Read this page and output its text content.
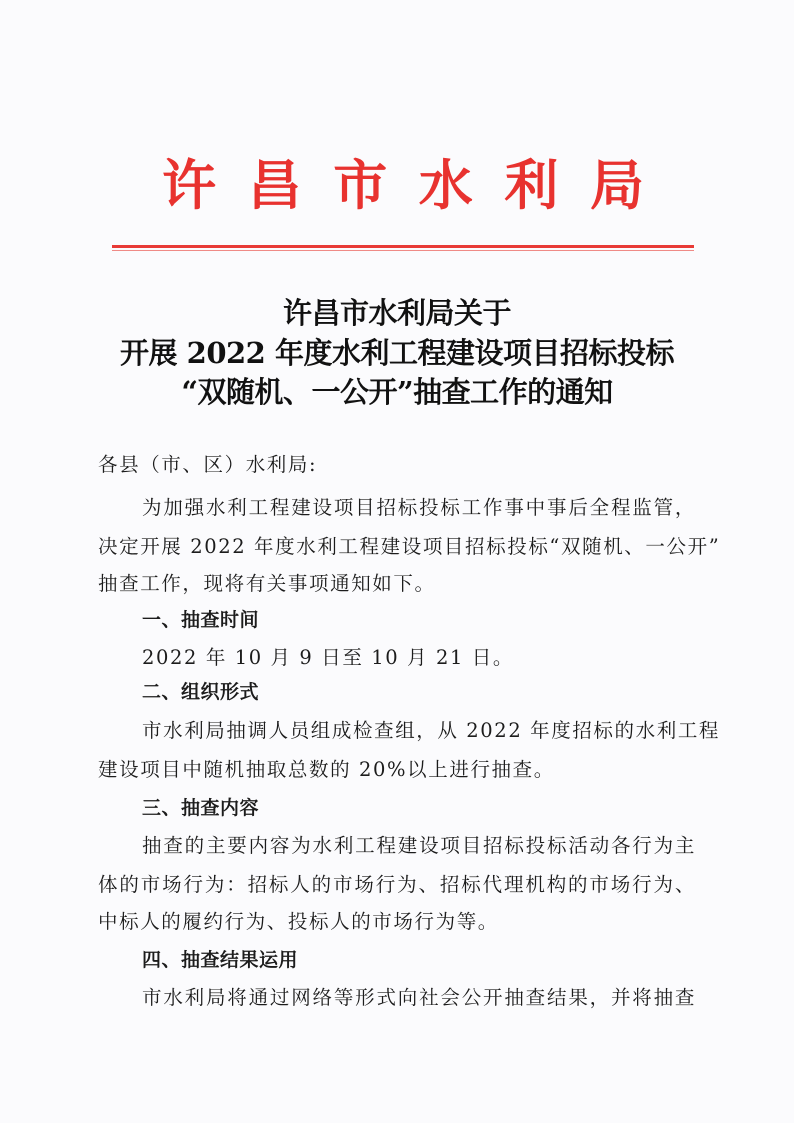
许 昌 市 水 利 局
许昌市水利局关于
开展 2022 年度水利工程建设项目招标投标
“双随机、一公开”抽查工作的通知
各县（市、区）水利局:
为加强水利工程建设项目招标投标工作事中事后全程监管，
决定开展 2022 年度水利工程建设项目招标投标“双随机、一公开”
抽查工作，现将有关事项通知如下。
一、抽查时间
2022 年 10 月 9 日至 10 月 21 日。
二、组织形式
市水利局抽调人员组成检查组，从 2022 年度招标的水利工程
建设项目中随机抽取总数的 20%以上进行抽查。
三、抽查内容
抽查的主要内容为水利工程建设项目招标投标活动各行为主
体的市场行为：招标人的市场行为、招标代理机构的市场行为、
中标人的履约行为、投标人的市场行为等。
四、抽查结果运用
市水利局将通过网络等形式向社会公开抽查结果，并将抽查
